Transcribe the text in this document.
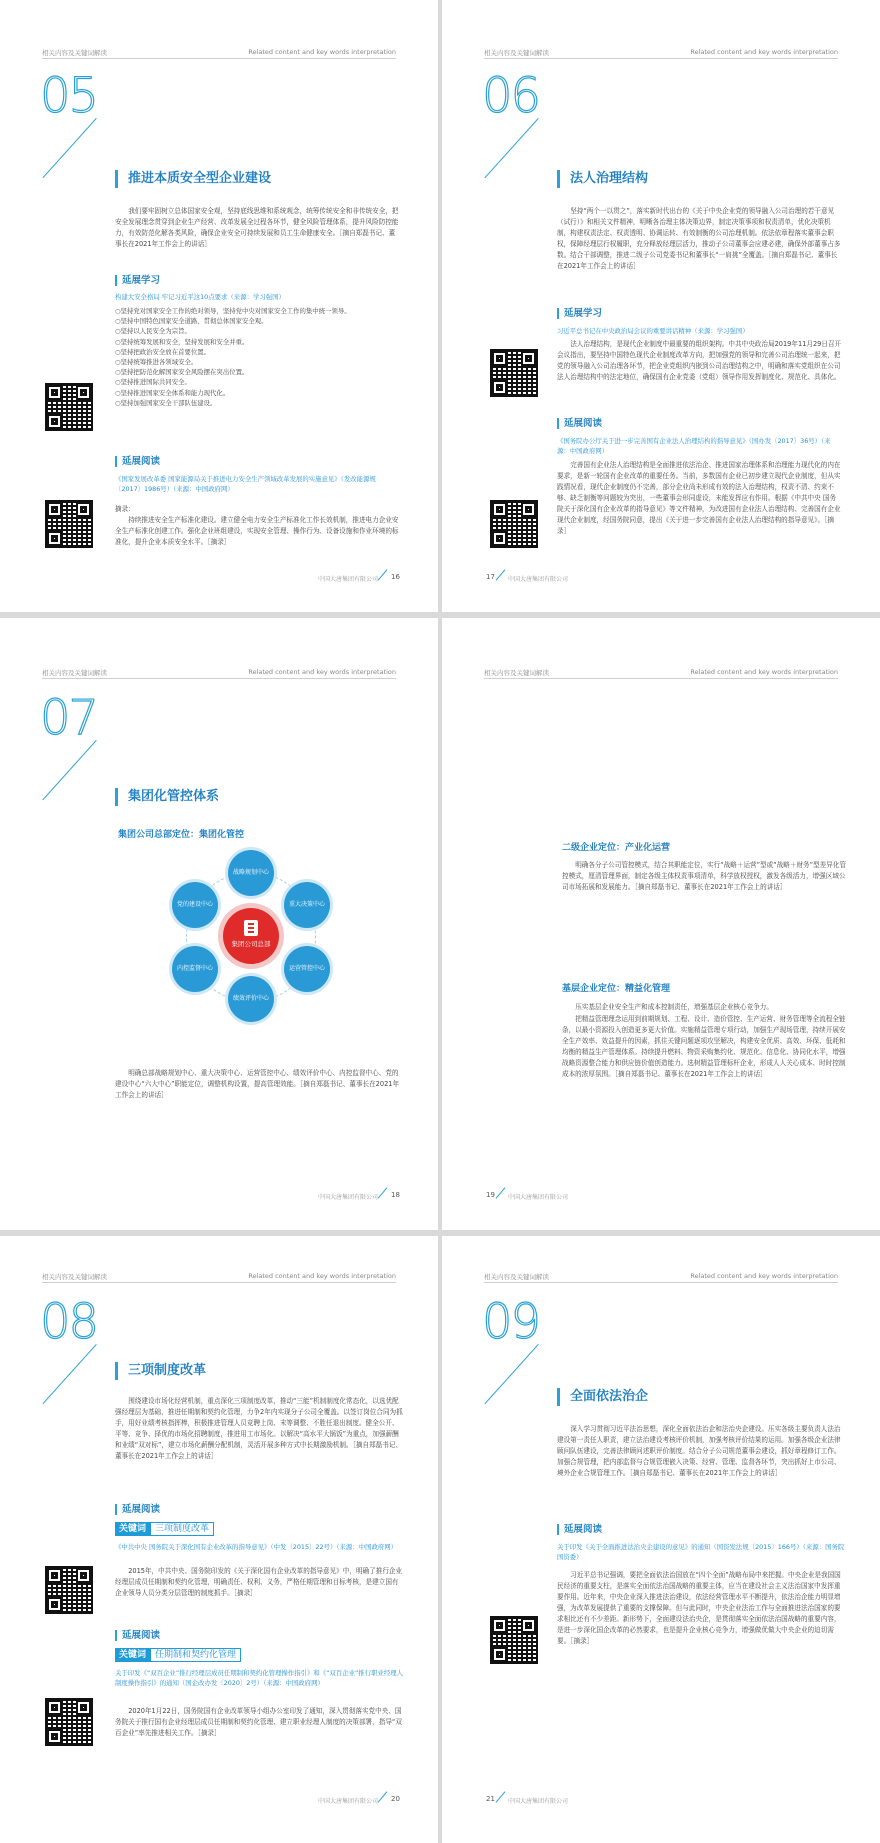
相关内容及关键词解读	Related content and key words interpretation
05
推进本质安全型企业建设
我们要牢固树立总体国家安全观，坚持底线思维和系统观念，统筹传统安全和非传统安全，把安全发展理念贯穿到企业生产经营、改革发展全过程各环节，健全风险管理体系，提升风险防控能力，有效防范化解各类风险，确保企业安全可持续发展和员工生命健康安全。［摘自郑磊书记、董事长在2021年工作会上的讲话］
延展学习
构建大安全格局 牢记习近平这10点要求（来源：学习强国）
○坚持党对国家安全工作的绝对领导，坚持党中央对国家安全工作的集中统一领导。
○坚持中国特色国家安全道路，贯彻总体国家安全观。
○坚持以人民安全为宗旨。
○坚持统筹发展和安全，坚持发展和安全并重。
○坚持把政治安全放在首要位置。
○坚持统筹推进各领域安全。
○坚持把防范化解国家安全风险摆在突出位置。
○坚持推进国际共同安全。
○坚持推进国家安全体系和能力现代化。
○坚持加强国家安全干部队伍建设。
延展阅读
《国家发展改革委 国家能源局关于推进电力安全生产领域改革发展的实施意见》（发改能源规〔2017〕1986号）（来源：中国政府网）
摘录：
持续推进安全生产标准化建设。建立健全电力安全生产标准化工作长效机制，推进电力企业安全生产标准化创建工作。强化企业班组建设，实现安全管理、操作行为、设备设施和作业环境的标准化，提升企业本质安全水平。［摘录］
中国大唐集团有限公司 16
相关内容及关键词解读	Related content and key words interpretation
06
法人治理结构
坚持“两个一以贯之”，落实新时代出台的《关于中央企业党的领导融入公司治理的若干意见（试行）》和相关文件精神，明晰各治理主体决策边界，制定决策事项和权责清单，优化决策机制，构建权责法定、权责透明、协调运转、有效制衡的公司治理机制。依法依章程落实董事会职权，保障经理层行权履职，充分释放经理层活力，推动子公司董事会应建必建，确保外部董事占多数。结合干部调整，推进二级子公司党委书记和董事长“一肩挑”全覆盖。［摘自郑磊书记、董事长在2021年工作会上的讲话］
延展学习
习近平总书记在中央政治局会议的重要讲话精神（来源：学习强国）
法人治理结构，是现代企业制度中最重要的组织架构。中共中央政治局2019年11月29日召开会议指出，要坚持中国特色现代企业制度改革方向，把加强党的领导和完善公司治理统一起来，把党的领导融入公司治理各环节，把企业党组织内嵌到公司治理结构之中，明确和落实党组织在公司法人治理结构中的法定地位，确保国有企业党委（党组）领导作用发挥制度化、规范化、具体化。
延展阅读
《国务院办公厅关于进一步完善国有企业法人治理结构的指导意见》（国办发〔2017〕36号）（来源：中国政府网）
完善国有企业法人治理结构是全面推进依法治企、推进国家治理体系和治理能力现代化的内在要求，是新一轮国有企业改革的重要任务。当前，多数国有企业已初步建立现代企业制度，但从实践情况看，现代企业制度仍不完善，部分企业尚未形成有效的法人治理结构，权责不清、约束不够、缺乏制衡等问题较为突出，一些董事会形同虚设，未能发挥应有作用。根据《中共中央 国务院关于深化国有企业改革的指导意见》等文件精神，为改进国有企业法人治理结构、完善国有企业现代企业制度，经国务院同意，提出《关于进一步完善国有企业法人治理结构的指导意见》。［摘录］
17 中国大唐集团有限公司
相关内容及关键词解读	Related content and key words interpretation
07
集团化管控体系
集团公司总部定位：集团化管控
战略规划中心
重大决策中心
运营管控中心
绩效评价中心
内控监督中心
党的建设中心
集团公司总部
明确总部战略规划中心、重大决策中心、运营管控中心、绩效评价中心、内控监督中心、党的建设中心“六大中心”职能定位，调整机构设置，提高管理效能。［摘自郑磊书记、董事长在2021年工作会上的讲话］
中国大唐集团有限公司 18
相关内容及关键词解读	Related content and key words interpretation
二级企业定位：产业化运营
明确各分子公司管控模式，结合其职能定位，实行“战略＋运营”型或“战略＋财务”型差异化管控模式，厘清管理界面，制定各级主体权责事项清单，科学放权授权，激发各级活力，增强区域公司市场拓展和发展能力。［摘自郑磊书记、董事长在2021年工作会上的讲话］
基层企业定位：精益化管理
压实基层企业安全生产和成本控制责任，增强基层企业核心竞争力。
把精益管理理念运用到前期规划、工程、设计、造价管控、生产运营、财务管理等全流程全链条，以最小资源投入创造更多更大价值。实施精益管理专项行动，加强生产现场管理，持续开展安全生产效率、效益提升的因素，抓住关键问题逐项攻坚解决，构建安全优质、高效、环保、低耗和均衡的精益生产管理体系。持续提升燃料、物资采购集约化、规范化、信息化、协同化水平，增强战略资源整合能力和供应链价值创造能力。选树精益管理标杆企业，形成人人关心成本、时时控制成本的浓厚氛围。［摘自郑磊书记、董事长在2021年工作会上的讲话］
19 中国大唐集团有限公司
相关内容及关键词解读	Related content and key words interpretation
08
三项制度改革
围绕建设市场化经营机制，重点深化三项制度改革，推动“三能”机制制度化常态化，以选优配强经理层为基础，推进任期制和契约化管理，力争2年内实现分子公司全覆盖。以签订岗位合同为抓手，用好业绩考核指挥棒，积极推进管理人员竞聘上岗、末等调整、不胜任退出制度。健全公开、平等、竞争、择优的市场化招聘制度，推进用工市场化。以解决“高水平大锅饭”为重点，加强薪酬和业绩“双对标”，建立市场化薪酬分配机制，灵活开展多种方式中长期激励机制。［摘自郑磊书记、董事长在2021年工作会上的讲话］
延展阅读
关键词 三项制度改革
《中共中央 国务院关于深化国有企业改革的指导意见》（中发〔2015〕22号）（来源：中国政府网）
2015年，中共中央、国务院印发的《关于深化国有企业改革的指导意见》中，明确了推行企业经理层成员任期制和契约化管理，明确责任、权利、义务，严格任期管理和目标考核，是建立国有企业领导人员分类分层管理的制度抓手。［摘录］
延展阅读
关键词 任期制和契约化管理
关于印发《“双百企业”推行经理层成员任期制和契约化管理操作指引》和《“双百企业”推行职业经理人制度操作指引》的通知（国企改办发〔2020〕2号）（来源：中国政府网）
2020年1月22日，国务院国有企业改革领导小组办公室印发了通知，深入贯彻落实党中央、国务院关于推行国有企业经理层成员任期制和契约化管理、建立职业经理人制度的决策部署，指导“双百企业”率先推进相关工作。［摘录］
中国大唐集团有限公司 20
相关内容及关键词解读	Related content and key words interpretation
09
全面依法治企
深入学习贯彻习近平法治思想，深化全面依法治企和法治央企建设。压实各级主要负责人法治建设第一责任人职责，建立法治建设考核评价机制，加强考核评价结果的运用。加强各级企业法律顾问队伍建设，完善法律顾问述职评价制度。结合分子公司规范董事会建设，抓好章程修订工作。加强合规管理，把内部监督与合规管理嵌入决策、经营、管理、监督各环节，突出抓好上市公司、境外企业合规管理工作。［摘自郑磊书记、董事长在2021年工作会上的讲话］
延展阅读
关于印发《关于全面推进法治央企建设的意见》的通知（国资发法规〔2015〕166号）（来源：国务院国资委）
习近平总书记强调，要把全面依法治国放在“四个全面”战略布局中来把握。中央企业是我国国民经济的重要支柱，是落实全面依法治国战略的重要主体，应当在建设社会主义法治国家中发挥重要作用。近年来，中央企业深入推进法治建设，依法经营管理水平不断提升，依法治企能力明显增强，为改革发展提供了重要的支撑保障。但与此同时，中央企业法治工作与全面推进法治国家的要求相比还有不少差距。新形势下，全面建设法治央企，是贯彻落实全面依法治国战略的重要内容，是进一步深化国企改革的必然要求，也是提升企业核心竞争力，增强做优做大中央企业的迫切需要。［摘录］
21 中国大唐集团有限公司
